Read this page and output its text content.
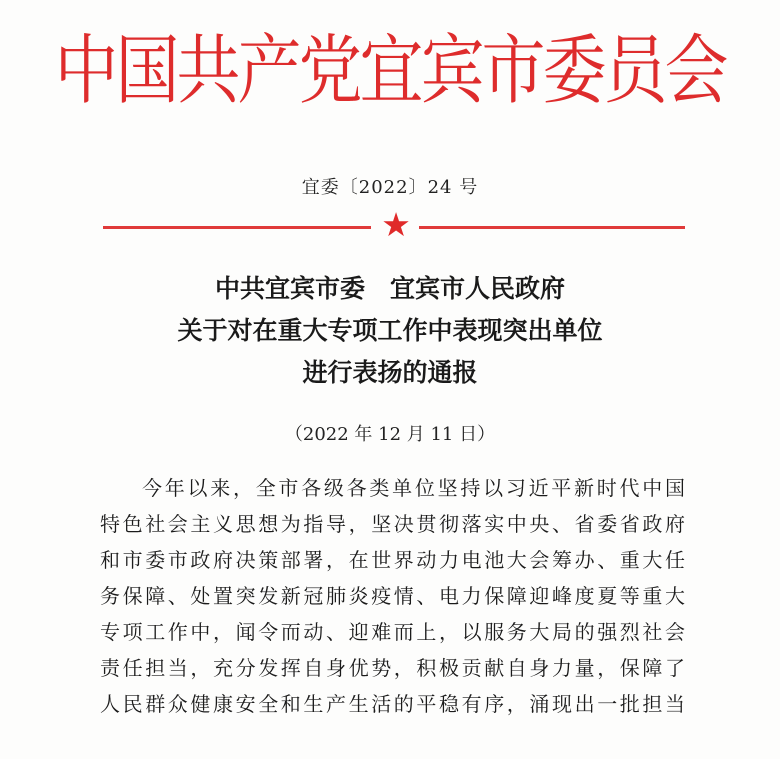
中国共产党宜宾市委员会
宜委〔2022〕24 号
★
中共宜宾市委　宜宾市人民政府
关于对在重大专项工作中表现突出单位
进行表扬的通报
（2022 年 12 月 11 日）
今年以来，全市各级各类单位坚持以习近平新时代中国
特色社会主义思想为指导，坚决贯彻落实中央、省委省政府
和市委市政府决策部署，在世界动力电池大会筹办、重大任
务保障、处置突发新冠肺炎疫情、电力保障迎峰度夏等重大
专项工作中，闻令而动、迎难而上，以服务大局的强烈社会
责任担当，充分发挥自身优势，积极贡献自身力量，保障了
人民群众健康安全和生产生活的平稳有序，涌现出一批担当
